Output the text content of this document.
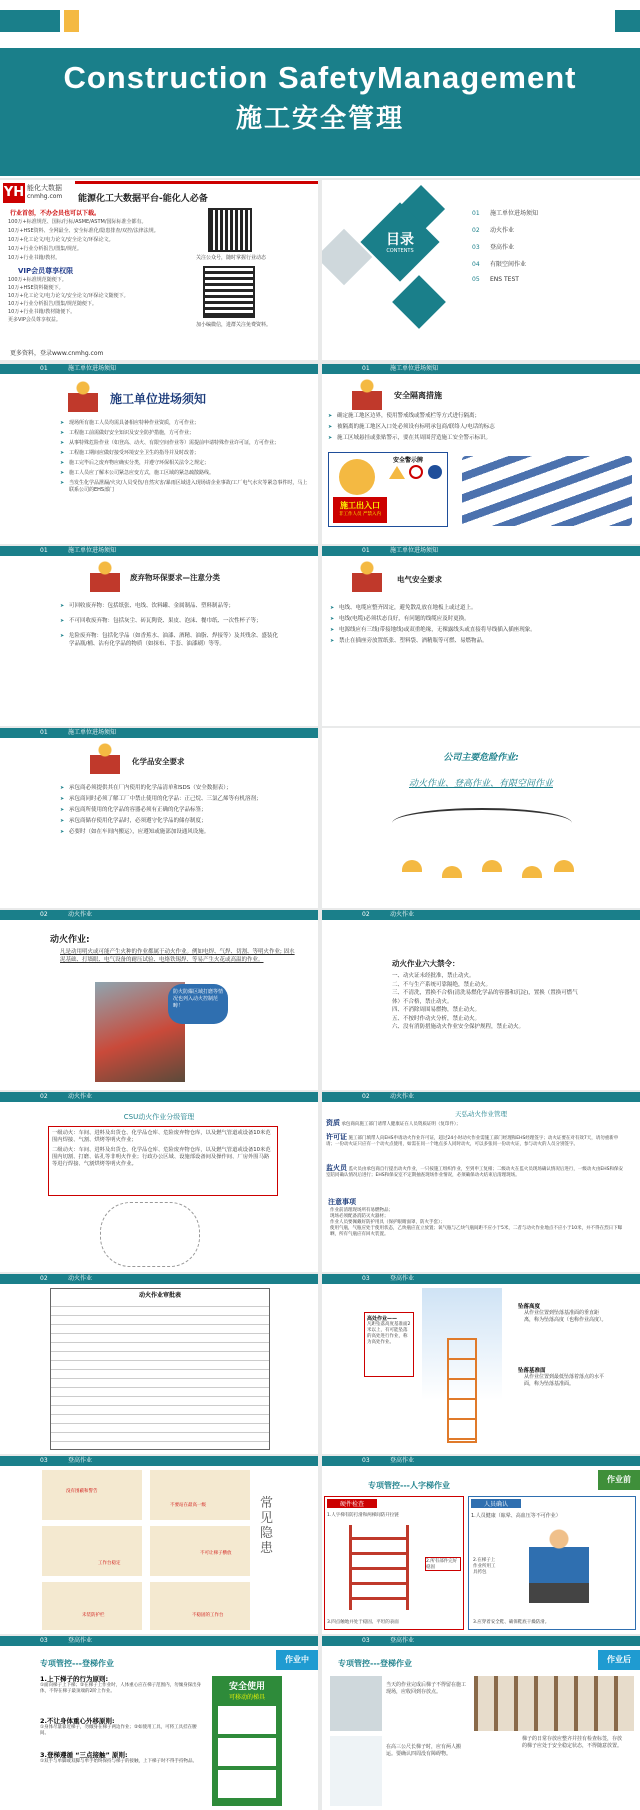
Construction SafetyManagement
施工安全管理
YH 能化大数据
cnmhg.com 能源化工大数据平台-能化人必备
行业首创，不办会员也可以下载。
100万+标准规范、国标/行标/ASME/ASTM/国际标准全都有。
10万+HSE资料、全网最全、安全标准化/隐患排查/双控/法律法规。
10万+化工论文/电力论文/安全论文/环保论文。
10万+行业分析报告/图集/规范。
10万+行业书籍/教材。
VIP会员尊享权限
100万+标准规范随便下。
10万+HSE资料随便下。
10万+化工论文/电力论文/安全论文/环保论文随便下。
10万+行业分析报告/图集/规范随便下。
10万+行业书籍/教材随便下。
更多VIP会员尊享权益。
关注公众号，随时掌握行业动态
加小编微信，进群关注免费资料。
更多资料，登录www.cnmhg.com
目录
CONTENTS
01 施工单位进场须知
02 动火作业
03 登高作业
04 有限空间作业
05 ENS TEST
01	施工单位进场须知
施工单位进场须知
➤ 现场所有施工人员均需具备相应特种作业资质，方可作业；
➤ 工程施工前需做好安全知识及安全防护措施，方可作业；
➤ 从事特殊危险作业（如登高、动火、有限空间作业等）需提前申请特殊作业许可证，方可作业；
➤ 工程施工期间应做好接受环境安全卫生的指导并及时改善；
➤ 施工完毕后之废弃物应确实分类，并遵守环保相关法令之规定；
➤ 施工人员应了解本公司紧急应变方式，施工区域的紧急疏散路线。
➤ 当发生化学品泄漏/火灾/人员受伤/自然灾害/暴雨区域进入现场请企业事故/工厂电气水灾等紧急事件时，马上联系公司的EHS部门
01	施工单位进场须知
安全隔离措施
➤ 确定施工地区边界，使用警戒线或警戒栏等方式进行隔离；
➤ 被隔离的施工地区入口处必须设有标明承包商/联络人/电话的标志
➤ 施工区域悬挂或张贴警示，要在其周围营造施工安全警示标识。
安全警示牌
施工出入口
非工作人员 严禁入内
01	施工单位进场须知
废弃物环保要求—注意分类
➤ 可回收废弃物：包括纸张、电线、饮料罐、金属制品、塑料制品等；
➤ 不可回收废弃物：包括灰尘、砖瓦陶瓷、果皮、泡沫、餐巾纸、一次性杯子等；
➤ 危险废弃物：包括化学品（如香蕉水、油漆、酒精、油脂、焊接等）及其残余、盛装化学品瓶/桶、沾有化学品的物质（如抹布、手套、油漆刷）等等。
01	施工单位进场须知
电气安全要求
➤ 电线、电缆应整齐固定，避免散乱放在地板上或过道上。
➤ 电线(电缆)必须状态良好，有问题的线缆应及时更换。
➤ 电源线应有三线(带接地线)或双重绝缘，无裸露线头或直接将导线插入插座现象。
➤ 禁止在插座旁放置纸张、塑料袋、酒精瓶等可燃、易燃物品。
01	施工单位进场须知
化学品安全要求
➤ 承包商必须提供其在厂内使用的化学品清单和SDS（安全数据表）；
➤ 承包商同时必须了解工厂中禁止使用的化学品：正己烷、三氯乙烯等有机溶剂；
➤ 承包商所使用的化学品的容器必须有正确的化学品标签；
➤ 承包商储存使用化学品时，必须遵守化学品的储存制度；
➤ 必要时（如在车间内搬运），应遵知或施部加设通风设施。
公司主要危险作业:
动火作业、登高作业、有限空间作业
02	动火作业
动火作业:
凡是动用明火或可能产生火种的作业都属于动火作业。例如电焊、气焊、切割、等明火作业; 固水泥基础、打墙眼、电气设备的耐压试验、电烙铁锡焊、等易产生火花或高温的作业。
防火防爆区域打磨等情况也列入动火控制范畴！
02	动火作业
动火作业六大禁令：
一、动火证未经批准，禁止动火。
二、不与生产系统可靠隔绝，禁止动火。
三、不清洗，置换不合格(清洗易燃化学品的容器和沉淀)，置换（置换可燃气体）不合格，禁止动火。
四、不消除周围易燃物，禁止动火。
五、不按时作动火分析，禁止动火。
六、没有消防措施动火作业安全保护规程，禁止动火。
02	动火作业
CSU动火作业分级管理
一级动火：车间、进料及出货仓、化学品仓库、危险废弃物仓库，以及燃气管道或设备10米范围内焊接、气割、烘烤等明火作业；
二级动火：车间、进料及出货仓、化学品仓库、危险废弃物仓库，以及燃气管道或设备10米范围内切割、打磨、钻孔等非明火作业；行政办公区域、设施部设备间及操作间、厂房外围马路等进行焊接、气割烘烤等明火作业。
02	动火作业
天弘动火作业管理
资质 承包商向施工部门请带人健康证在人员资质证明（复印件）；
许可证 施工部门填带人向EHS申请动火作业许可证，超过24小时动火作业需施工部门经理和EHS经理签字；动火证要在对有效7天，请勿重新申请；一份动火证只应有一个动火点使用，如需在同一个地点多人同时动火，可以多张同一份动火证，参与动火的人员分别签字。
监火员 监火员由承包商自行提出动火作业，一只按施工组织作业，至到申工复相；二级动火在监火员现场确认情况后进行，一级动火由EHS和保安室陪同确认情况后进行；EHS和保安室不定期抽查现场作业情况，必须确保动火结束后清理现场。
注意事项
作业前清理现场所有易燃物品；
现场必须配备消防灭火器材；
作业人员要佩戴好防护用具（保护眼睛面罩，防火手套）；
使用气瓶，气瓶应处于使用状态，乙炔瓶应直立放置；氧气瓶与乙炔气瓶间距不应小于5米，二者与动火作业地点不应小于10米，并不得在烈日下曝晒，所有气瓶应有回火装置。
02	动火作业
动火作业审批表
03	登高作业
高处作业——
凡距坠落高度基准面2米以上，有可能坠落的高处进行作业，称为高处作业。
坠落高度
从作业位置到坠落基准面的垂直距离，称为坠落高度（也称作业高度）。
坠落基准面
从作业位置到最低坠落着落点的水平面，称为坠落基准面。
03	登高作业
没有围蔽和警告
不要站在最高一级
工作台稳定
不可让梯子横放
未装防护栏	不稳固的工作台
常见隐患
03	登高作业
作业前
专项管控---人字梯作业
硬件检查
1.人字梯有防打滑和两梯间防开拉链
2.所有部件完好稳固
3.四点触地并处于稳固、平坦的表面
人员确认
1.人员健康（眩晕、高血压等不可作业）
2.在梯子上作业所用工具挎包
3.应穿着安全鞋、确保鞋底干燥防滑。
03	登高作业
作业中
专项管控---登梯作业
1.上下梯子的行为原则:
①面向梯子上下梯；②在梯子上作业时，人体重心应在梯子范围内，勿倾身探出身体，不得在梯子最顶端的2阶上作业。
2.不让身体重心外移原则:
①身体尽量靠近梯子，勿倾身在梯子两边作业；②如使用工具，可将工具挂在腰间。
3.登梯遵循 “三点接触” 原则:
①双手与单脚或双脚与单手始终保持与梯子的接触，上下梯子时不得手持物品。
安全使用
可移动的梯具
03	登高作业
作业后
专项管控---登梯作业
当天的作业完成后梯子不得留在施工现场，应收回到存放点。
梯子的日常存放应整齐并挂有检查标签，存放的梯子应处于安全稳定状态，不得随意放置。
在高三公尺长梯子时，应有两人搬运。要确认四周没有障碍物。
